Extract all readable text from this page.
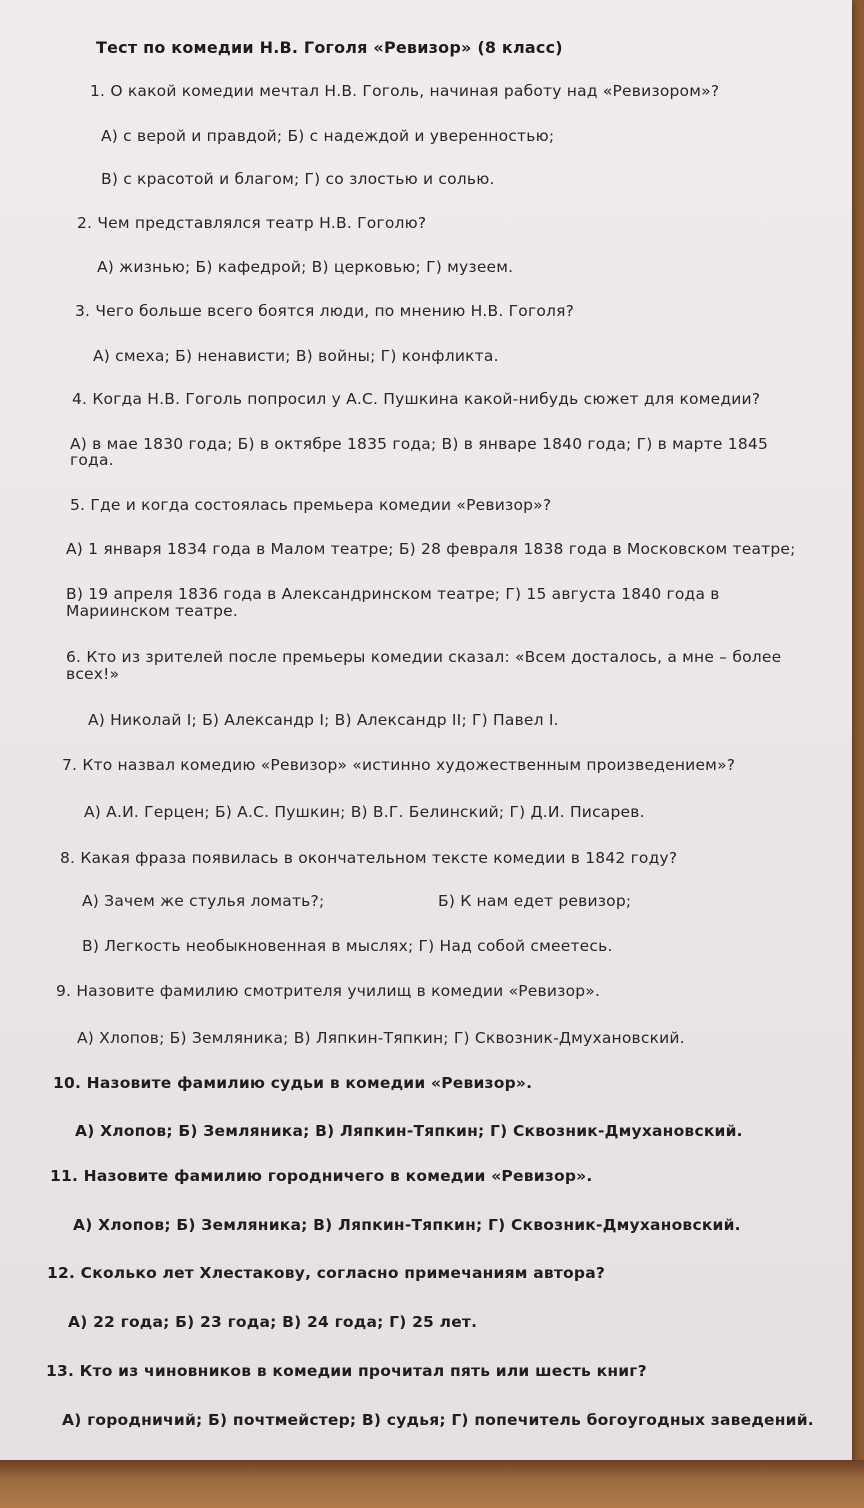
Тест по комедии Н.В. Гоголя «Ревизор» (8 класс)
1. О какой комедии мечтал Н.В. Гоголь, начиная работу над «Ревизором»?
А) с верой и правдой; Б) с надеждой и уверенностью;
В) с красотой и благом; Г) со злостью и солью.
2. Чем представлялся театр Н.В. Гоголю?
А) жизнью; Б) кафедрой; В) церковью; Г) музеем.
3. Чего больше всего боятся люди, по мнению Н.В. Гоголя?
А) смеха; Б) ненависти; В) войны; Г) конфликта.
4. Когда Н.В. Гоголь попросил у А.С. Пушкина какой-нибудь сюжет для комедии?
А) в мае 1830 года; Б) в октябре 1835 года; В) в январе 1840 года; Г) в марте 1845
года.
5. Где и когда состоялась премьера комедии «Ревизор»?
А) 1 января 1834 года в Малом театре; Б) 28 февраля 1838 года в Московском театре;
В) 19 апреля 1836 года в Александринском театре; Г) 15 августа 1840 года в
Мариинском театре.
6. Кто из зрителей после премьеры комедии сказал: «Всем досталось, а мне – более
всех!»
А) Николай I; Б) Александр I; В) Александр II; Г) Павел I.
7. Кто назвал комедию «Ревизор» «истинно художественным произведением»?
А) А.И. Герцен; Б) А.С. Пушкин; В) В.Г. Белинский; Г) Д.И. Писарев.
8. Какая фраза появилась в окончательном тексте комедии в 1842 году?
А) Зачем же стулья ломать?;	Б) К нам едет ревизор;
В) Легкость необыкновенная в мыслях; Г) Над собой смеетесь.
9. Назовите фамилию смотрителя училищ в комедии «Ревизор».
А) Хлопов; Б) Земляника; В) Ляпкин-Тяпкин; Г) Сквозник-Дмухановский.
10. Назовите фамилию судьи в комедии «Ревизор».
А) Хлопов; Б) Земляника; В) Ляпкин-Тяпкин; Г) Сквозник-Дмухановский.
11. Назовите фамилию городничего в комедии «Ревизор».
А) Хлопов; Б) Земляника; В) Ляпкин-Тяпкин; Г) Сквозник-Дмухановский.
12. Сколько лет Хлестакову, согласно примечаниям автора?
А) 22 года; Б) 23 года; В) 24 года; Г) 25 лет.
13. Кто из чиновников в комедии прочитал пять или шесть книг?
А) городничий; Б) почтмейстер; В) судья; Г) попечитель богоугодных заведений.
